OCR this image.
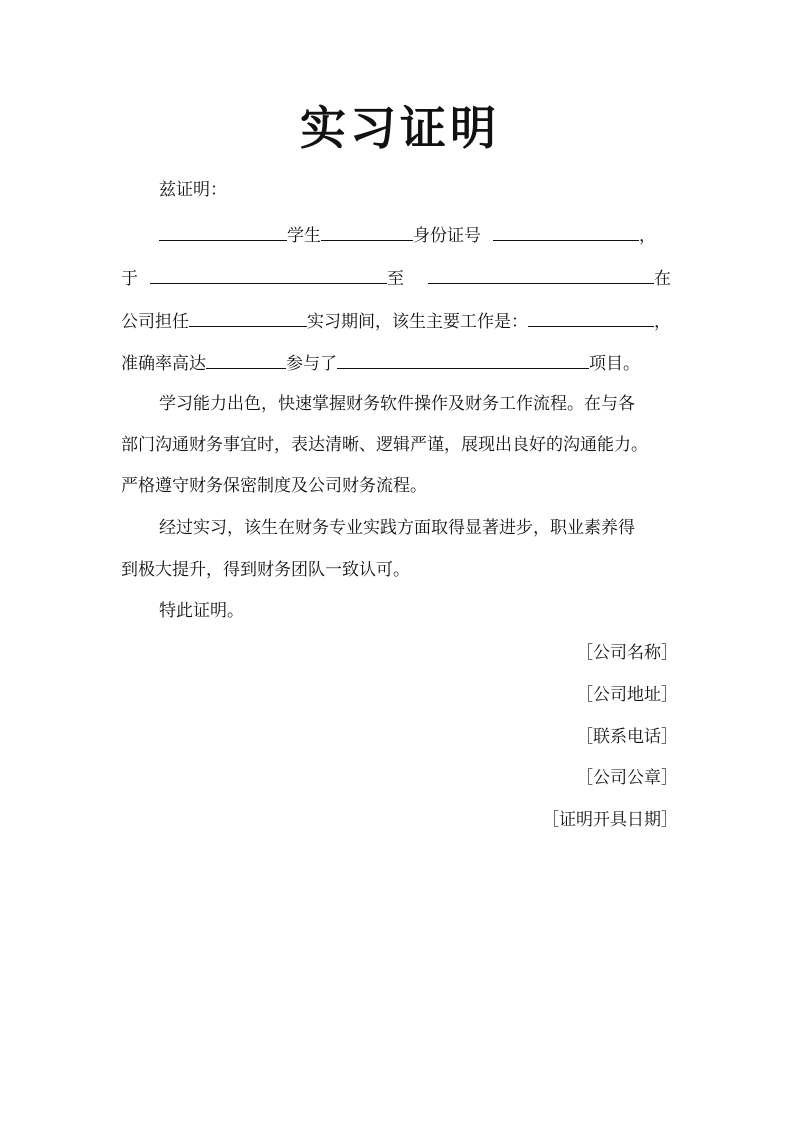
实习证明
兹证明：
学生	身份证号	，
于	至	在
公司担任	实习期间，该生主要工作是：	，
准确率高达	参与了	项目。
学习能力出色，快速掌握财务软件操作及财务工作流程。在与各
部门沟通财务事宜时，表达清晰、逻辑严谨，展现出良好的沟通能力。
严格遵守财务保密制度及公司财务流程。
经过实习，该生在财务专业实践方面取得显著进步，职业素养得
到极大提升，得到财务团队一致认可。
特此证明。
［公司名称］
［公司地址］
［联系电话］
［公司公章］
［证明开具日期］
